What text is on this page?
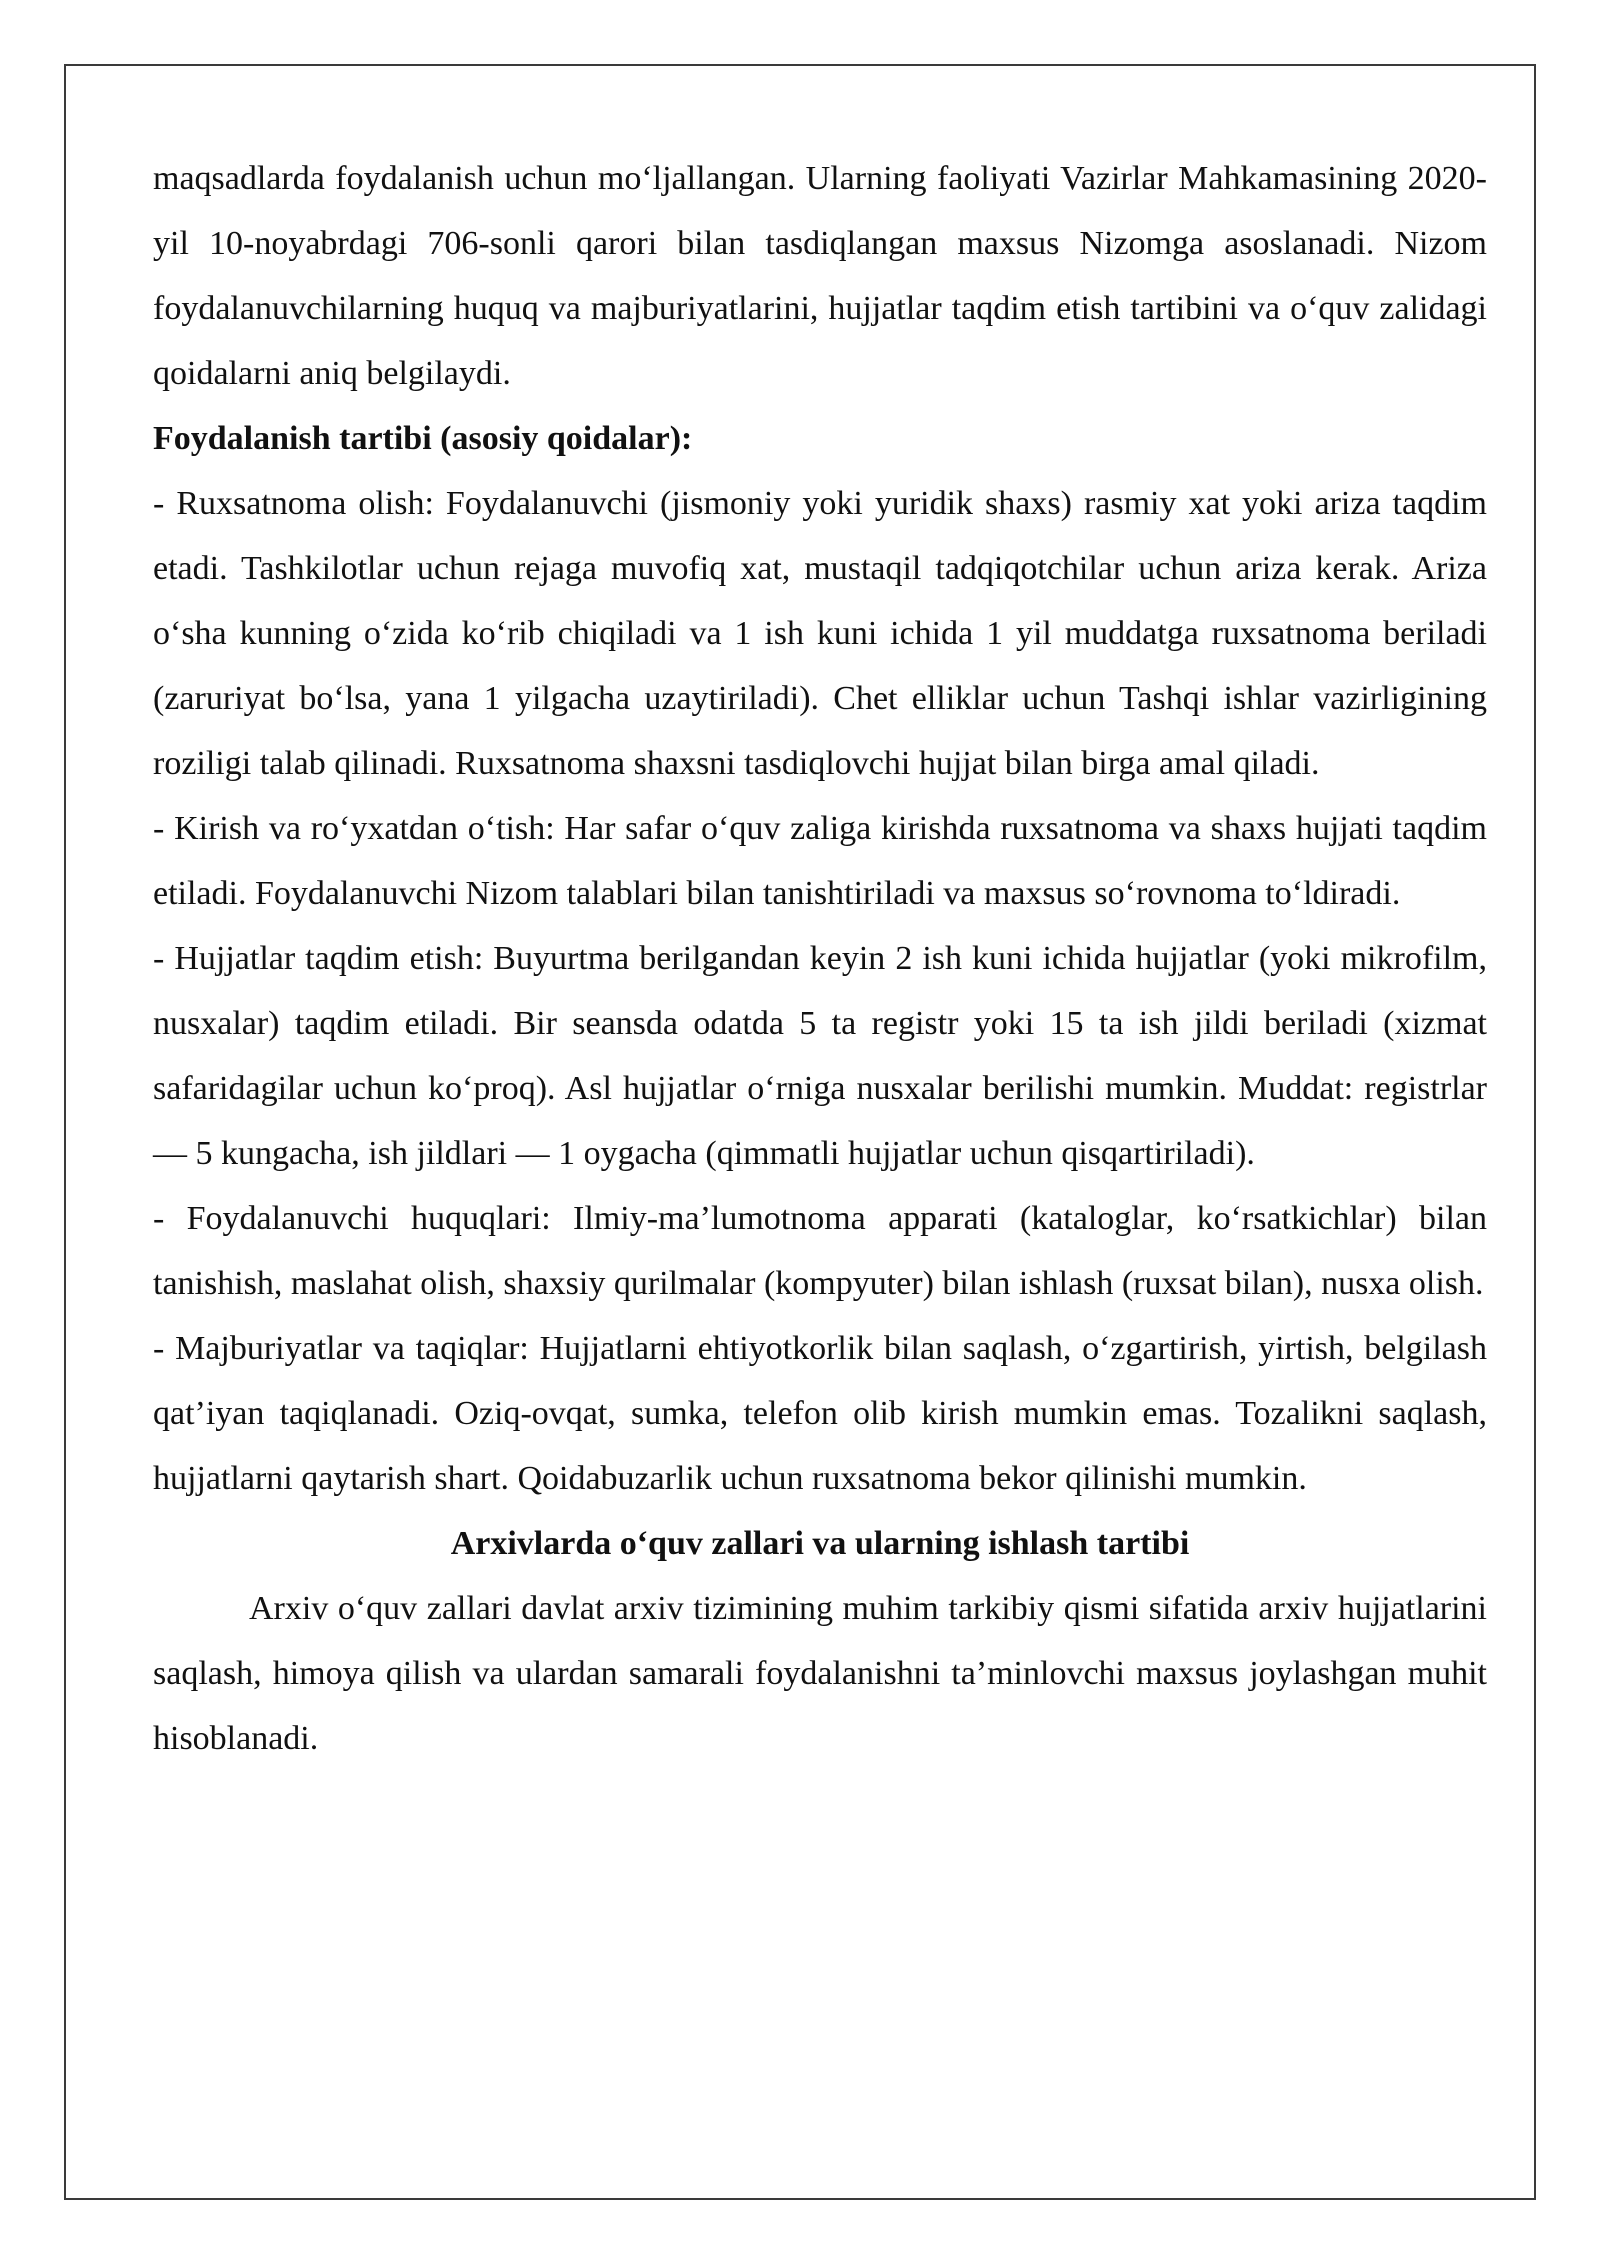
maqsadlarda foydalanish uchun mo‘ljallangan. Ularning faoliyati Vazirlar Mahkamasining 2020-yil 10-noyabrdagi 706-sonli qarori bilan tasdiqlangan maxsus Nizomga asoslanadi. Nizom foydalanuvchilarning huquq va majburiyatlarini, hujjatlar taqdim etish tartibini va o‘quv zalidagi qoidalarni aniq belgilaydi.

Foydalanish tartibi (asosiy qoidalar):

- Ruxsatnoma olish: Foydalanuvchi (jismoniy yoki yuridik shaxs) rasmiy xat yoki ariza taqdim etadi. Tashkilotlar uchun rejaga muvofiq xat, mustaqil tadqiqotchilar uchun ariza kerak. Ariza o‘sha kunning o‘zida ko‘rib chiqiladi va 1 ish kuni ichida 1 yil muddatga ruxsatnoma beriladi (zaruriyat bo‘lsa, yana 1 yilgacha uzaytiriladi). Chet elliklar uchun Tashqi ishlar vazirligining roziligi talab qilinadi. Ruxsatnoma shaxsni tasdiqlovchi hujjat bilan birga amal qiladi.

- Kirish va ro‘yxatdan o‘tish: Har safar o‘quv zaliga kirishda ruxsatnoma va shaxs hujjati taqdim etiladi. Foydalanuvchi Nizom talablari bilan tanishtiriladi va maxsus so‘rovnoma to‘ldiradi.

- Hujjatlar taqdim etish: Buyurtma berilgandan keyin 2 ish kuni ichida hujjatlar (yoki mikrofilm, nusxalar) taqdim etiladi. Bir seansda odatda 5 ta registr yoki 15 ta ish jildi beriladi (xizmat safaridagilar uchun ko‘proq). Asl hujjatlar o‘rniga nusxalar berilishi mumkin. Muddat: registrlar — 5 kungacha, ish jildlari — 1 oygacha (qimmatli hujjatlar uchun qisqartiriladi).

- Foydalanuvchi huquqlari: Ilmiy-ma’lumotnoma apparati (kataloglar, ko‘rsatkichlar) bilan tanishish, maslahat olish, shaxsiy qurilmalar (kompyuter) bilan ishlash (ruxsat bilan), nusxa olish.

- Majburiyatlar va taqiqlar: Hujjatlarni ehtiyotkorlik bilan saqlash, o‘zgartirish, yirtish, belgilash qat’iyan taqiqlanadi. Oziq-ovqat, sumka, telefon olib kirish mumkin emas. Tozalikni saqlash, hujjatlarni qaytarish shart. Qoidabuzarlik uchun ruxsatnoma bekor qilinishi mumkin.

Arxivlarda o‘quv zallari va ularning ishlash tartibi

Arxiv o‘quv zallari davlat arxiv tizimining muhim tarkibiy qismi sifatida arxiv hujjatlarini saqlash, himoya qilish va ulardan samarali foydalanishni ta’minlovchi maxsus joylashgan muhit hisoblanadi.
